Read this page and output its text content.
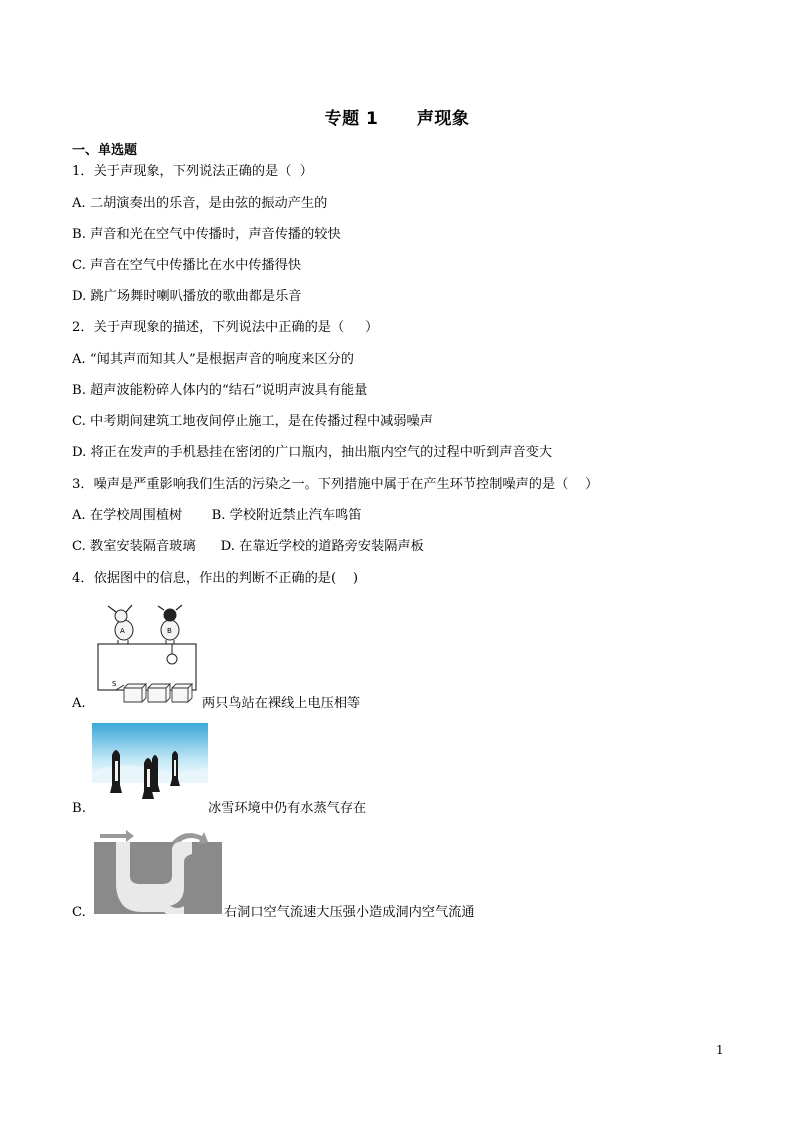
专题 1      声现象
一、单选题
1．关于声现象，下列说法正确的是（  ）
A. 二胡演奏出的乐音，是由弦的振动产生的
B. 声音和光在空气中传播时，声音传播的较快
C. 声音在空气中传播比在水中传播得快
D. 跳广场舞时喇叭播放的歌曲都是乐音
2．关于声现象的描述，下列说法中正确的是（     ）
A. “闻其声而知其人”是根据声音的响度来区分的
B. 超声波能粉碎人体内的“结石”说明声波具有能量
C. 中考期间建筑工地夜间停止施工，是在传播过程中减弱噪声
D. 将正在发声的手机悬挂在密闭的广口瓶内，抽出瓶内空气的过程中听到声音变大
3．噪声是严重影响我们生活的污染之一。下列措施中属于在产生环节控制噪声的是（    ）
A. 在学校周围植树       B. 学校附近禁止汽车鸣笛
C. 教室安装隔音玻璃      D. 在靠近学校的道路旁安装隔声板
4．依据图中的信息，作出的判断不正确的是(    )
A.
A	B
S
两只鸟站在裸线上电压相等
B.	冰雪环境中仍有水蒸气存在
C.	右洞口空气流速大压强小造成洞内空气流通
1
